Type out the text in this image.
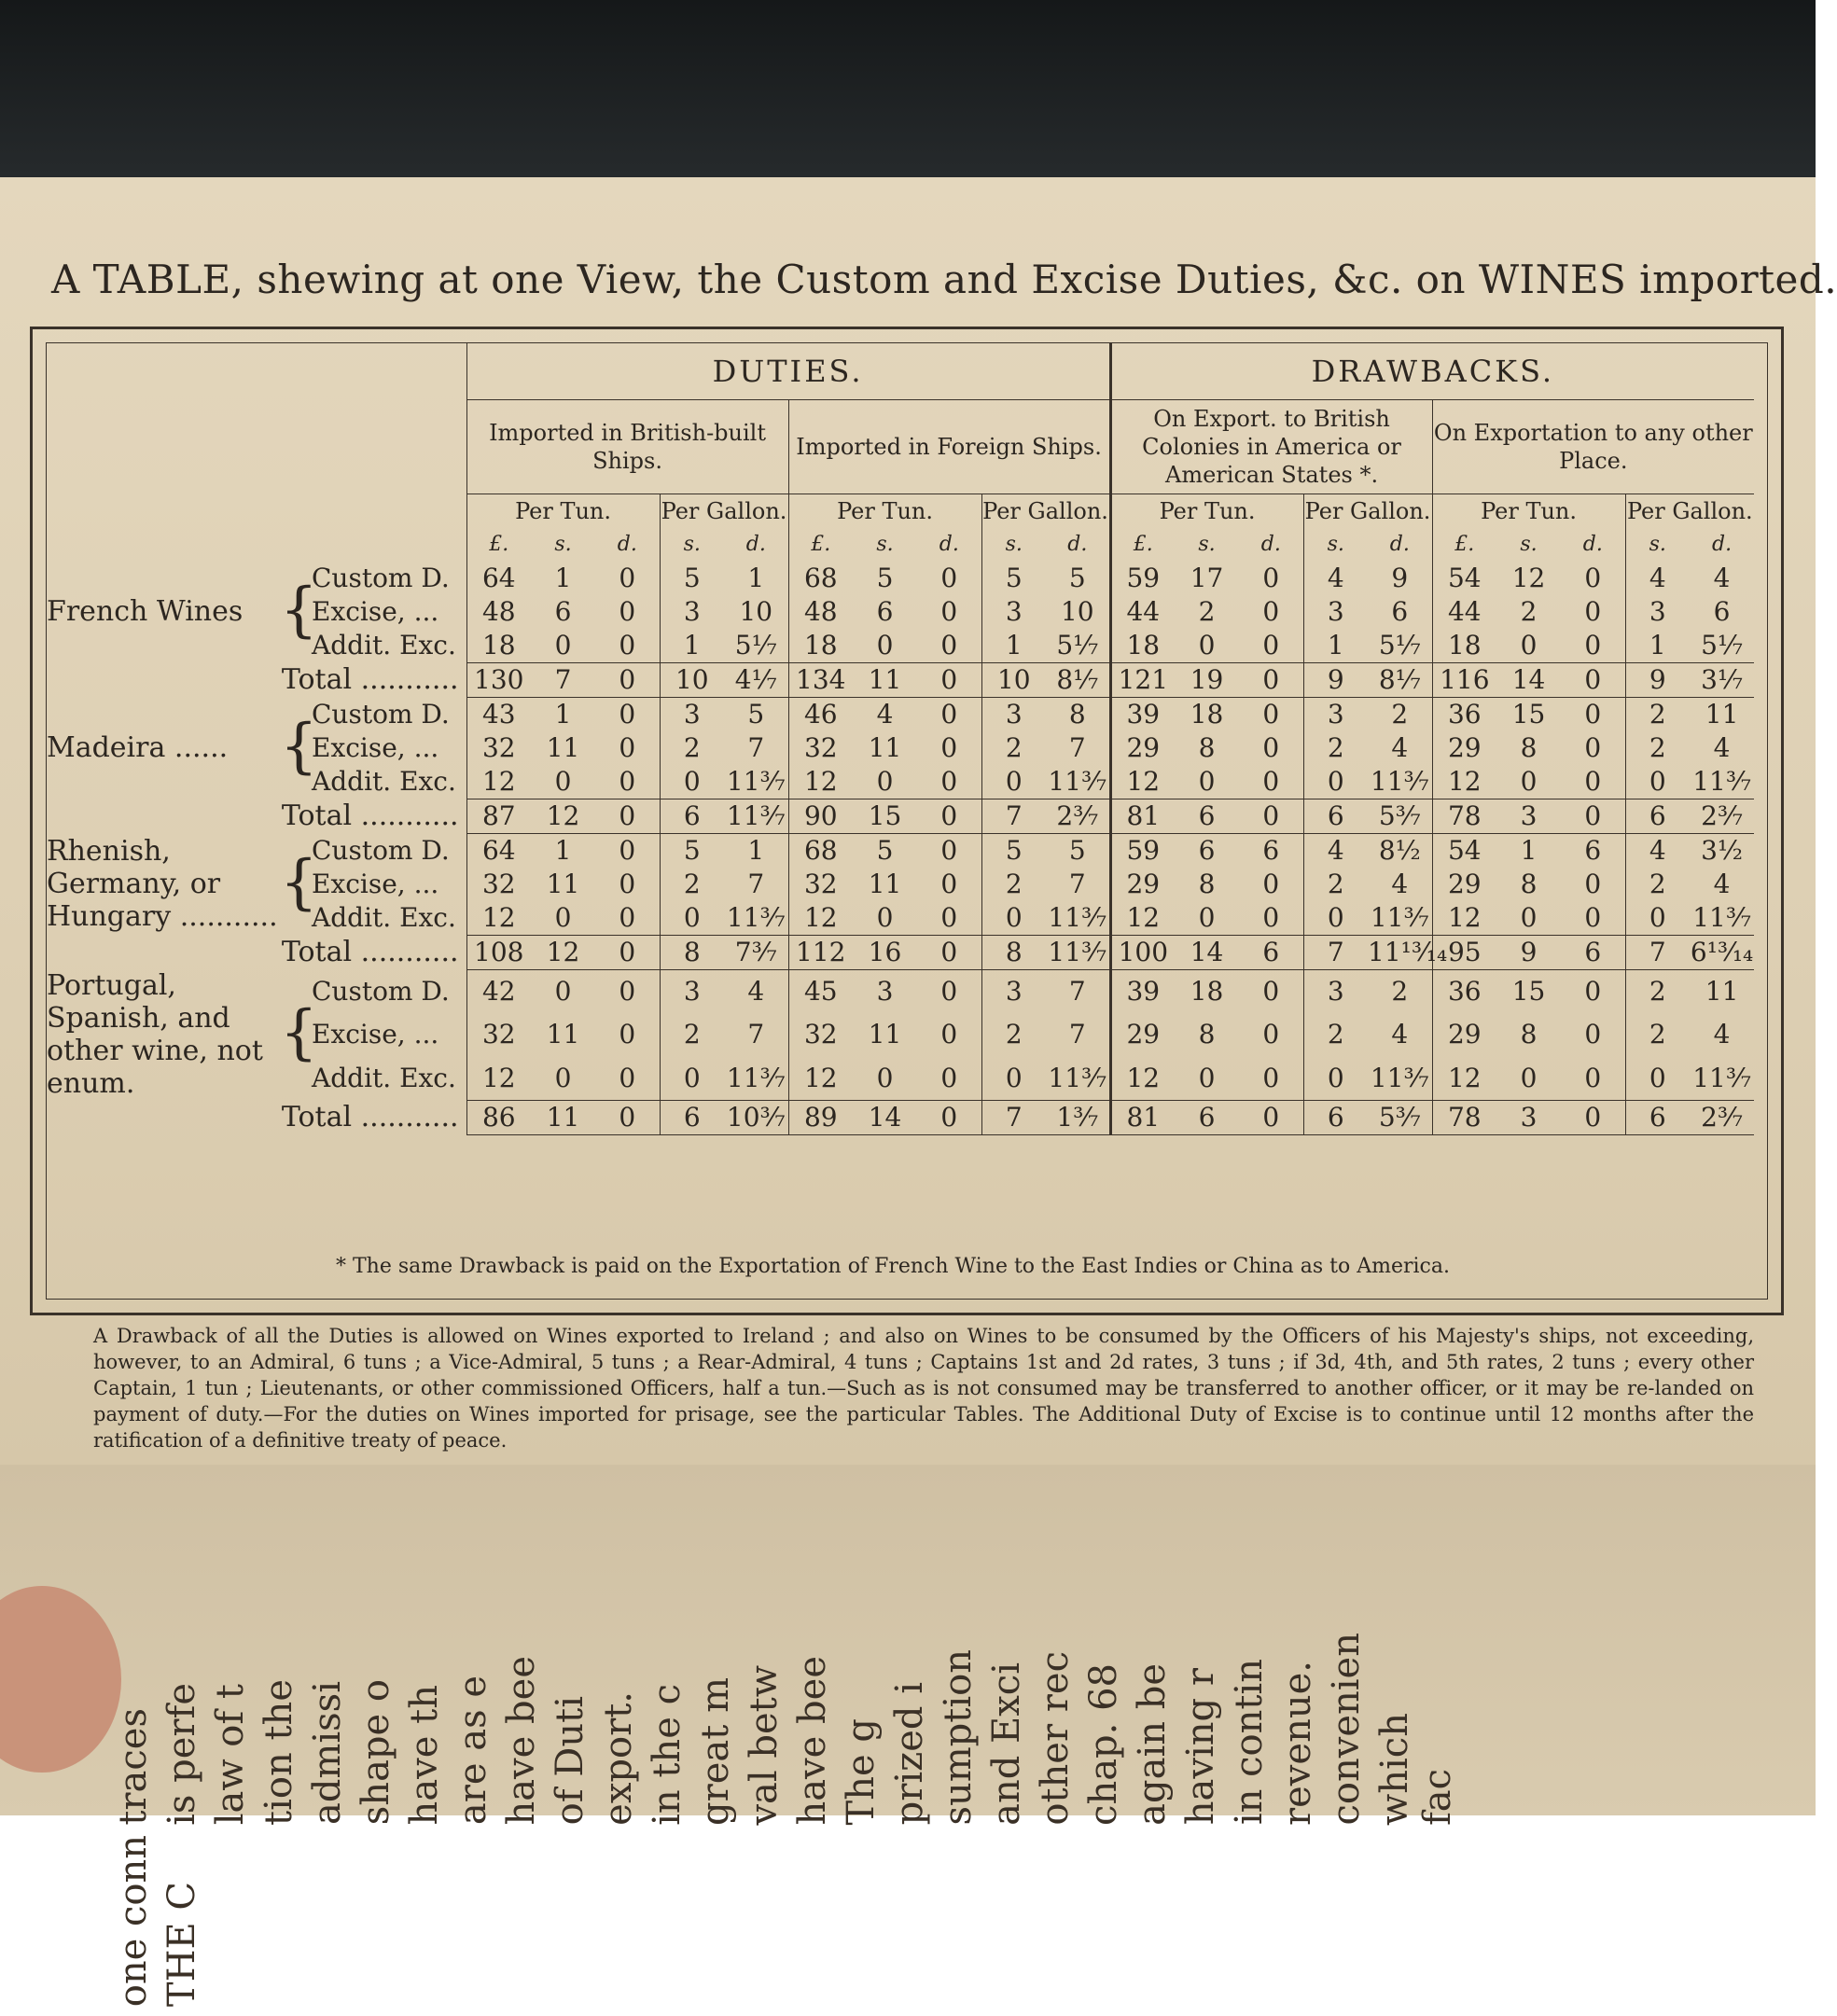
A TABLE, shewing at one View, the Custom and Excise Duties, &c. on WINES imported.
			DUTIES.										DRAWBACKS.									
			Imported in British-built Ships.					Imported in Foreign Ships.					On Export. to British Colonies in America or American States *.					On Exportation to any other Place.				
			Per Tun.			Per Gallon.		Per Tun.			Per Gallon.		Per Tun.			Per Gallon.		Per Tun.			Per Gallon.	
			£.	s.	d.	s.	d.	£.	s.	d.	s.	d.	£.	s.	d.	s.	d.	£.	s.	d.	s.	d.
French Wines	{	Custom D.	64	1	0	5	1	68	5	0	5	5	59	17	0	4	9	54	12	0	4	4
		Excise, ...	48	6	0	3	10	48	6	0	3	10	44	2	0	3	6	44	2	0	3	6
		Addit. Exc.	18	0	0	1	5⅐	18	0	0	1	5⅐	18	0	0	1	5⅐	18	0	0	1	5⅐
Total ...........			130	7	0	10	4⅐	134	11	0	10	8⅐	121	19	0	9	8⅐	116	14	0	9	3⅐
Madeira ......	{	Custom D.	43	1	0	3	5	46	4	0	3	8	39	18	0	3	2	36	15	0	2	11
		Excise, ...	32	11	0	2	7	32	11	0	2	7	29	8	0	2	4	29	8	0	2	4
		Addit. Exc.	12	0	0	0	11³⁄₇	12	0	0	0	11³⁄₇	12	0	0	0	11³⁄₇	12	0	0	0	11³⁄₇
Total ...........			87	12	0	6	11³⁄₇	90	15	0	7	2³⁄₇	81	6	0	6	5³⁄₇	78	3	0	6	2³⁄₇
Rhenish, Germany, or Hungary ...........	{	Custom D.	64	1	0	5	1	68	5	0	5	5	59	6	6	4	8½	54	1	6	4	3½
		Excise, ...	32	11	0	2	7	32	11	0	2	7	29	8	0	2	4	29	8	0	2	4
		Addit. Exc.	12	0	0	0	11³⁄₇	12	0	0	0	11³⁄₇	12	0	0	0	11³⁄₇	12	0	0	0	11³⁄₇
Total ...........			108	12	0	8	7³⁄₇	112	16	0	8	11³⁄₇	100	14	6	7	11¹³⁄₁₄	95	9	6	7	6¹³⁄₁₄
Portugal, Spanish, and other wine, not enum.	{	Custom D.	42	0	0	3	4	45	3	0	3	7	39	18	0	3	2	36	15	0	2	11
		Excise, ...	32	11	0	2	7	32	11	0	2	7	29	8	0	2	4	29	8	0	2	4
		Addit. Exc.	12	0	0	0	11³⁄₇	12	0	0	0	11³⁄₇	12	0	0	0	11³⁄₇	12	0	0	0	11³⁄₇
Total ...........			86	11	0	6	10³⁄₇	89	14	0	7	1³⁄₇	81	6	0	6	5³⁄₇	78	3	0	6	2³⁄₇
* The same Drawback is paid on the Exportation of French Wine to the East Indies or China as to America.
A Drawback of all the Duties is allowed on Wines exported to Ireland ; and also on Wines to be consumed by the Officers of his Majesty's ships, not exceeding, however, to an Admiral, 6 tuns ; a Vice-Admiral, 5 tuns ; a Rear-Admiral, 4 tuns ; Captains 1st and 2d rates, 3 tuns ; if 3d, 4th, and 5th rates, 2 tuns ; every other Captain, 1 tun ; Lieutenants, or other commissioned Officers, half a tun.—Such as is not consumed may be transferred to another officer, or it may be re-landed on payment of duty.—For the duties on Wines imported for prisage, see the particular Tables. The Additional Duty of Excise is to continue until 12 months after the ratification of a definitive treaty of peace.
traces is perfe law of t tion the admissi shape o have th are as e have bee of Duti export. in the c great m val betw have bee The g prized i sumption and Exci other rec chap. 68 again be having r in contin revenue. convenien which facone conn THE C
